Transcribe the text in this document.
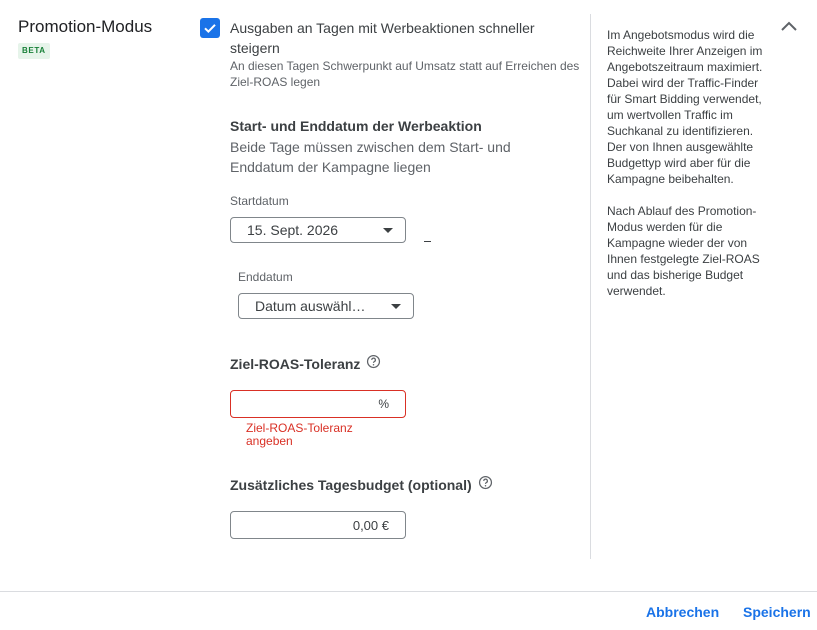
Promotion-Modus
BETA
Ausgaben an Tagen mit Werbeaktionen schneller steigern
An diesen Tagen Schwerpunkt auf Umsatz statt auf Erreichen des Ziel-ROAS legen
Start- und Enddatum der Werbeaktion
Beide Tage müssen zwischen dem Start- und Enddatum der Kampagne liegen
Startdatum
15. Sept. 2026
Enddatum
Datum auswähl…
Ziel-ROAS-Toleranz
%
Ziel-ROAS-Toleranz angeben
Zusätzliches Tagesbudget (optional)
0,00 €

Im Angebotsmodus wird die Reichweite Ihrer Anzeigen im Angebotszeitraum maximiert. Dabei wird der Traffic-Finder für Smart Bidding verwendet, um wertvollen Traffic im Suchkanal zu identifizieren. Der von Ihnen ausgewählte Budgettyp wird aber für die Kampagne beibehalten.

Nach Ablauf des Promotion-Modus werden für die Kampagne wieder der von Ihnen festgelegte Ziel-ROAS und das bisherige Budget verwendet.

Abbrechen Speichern
